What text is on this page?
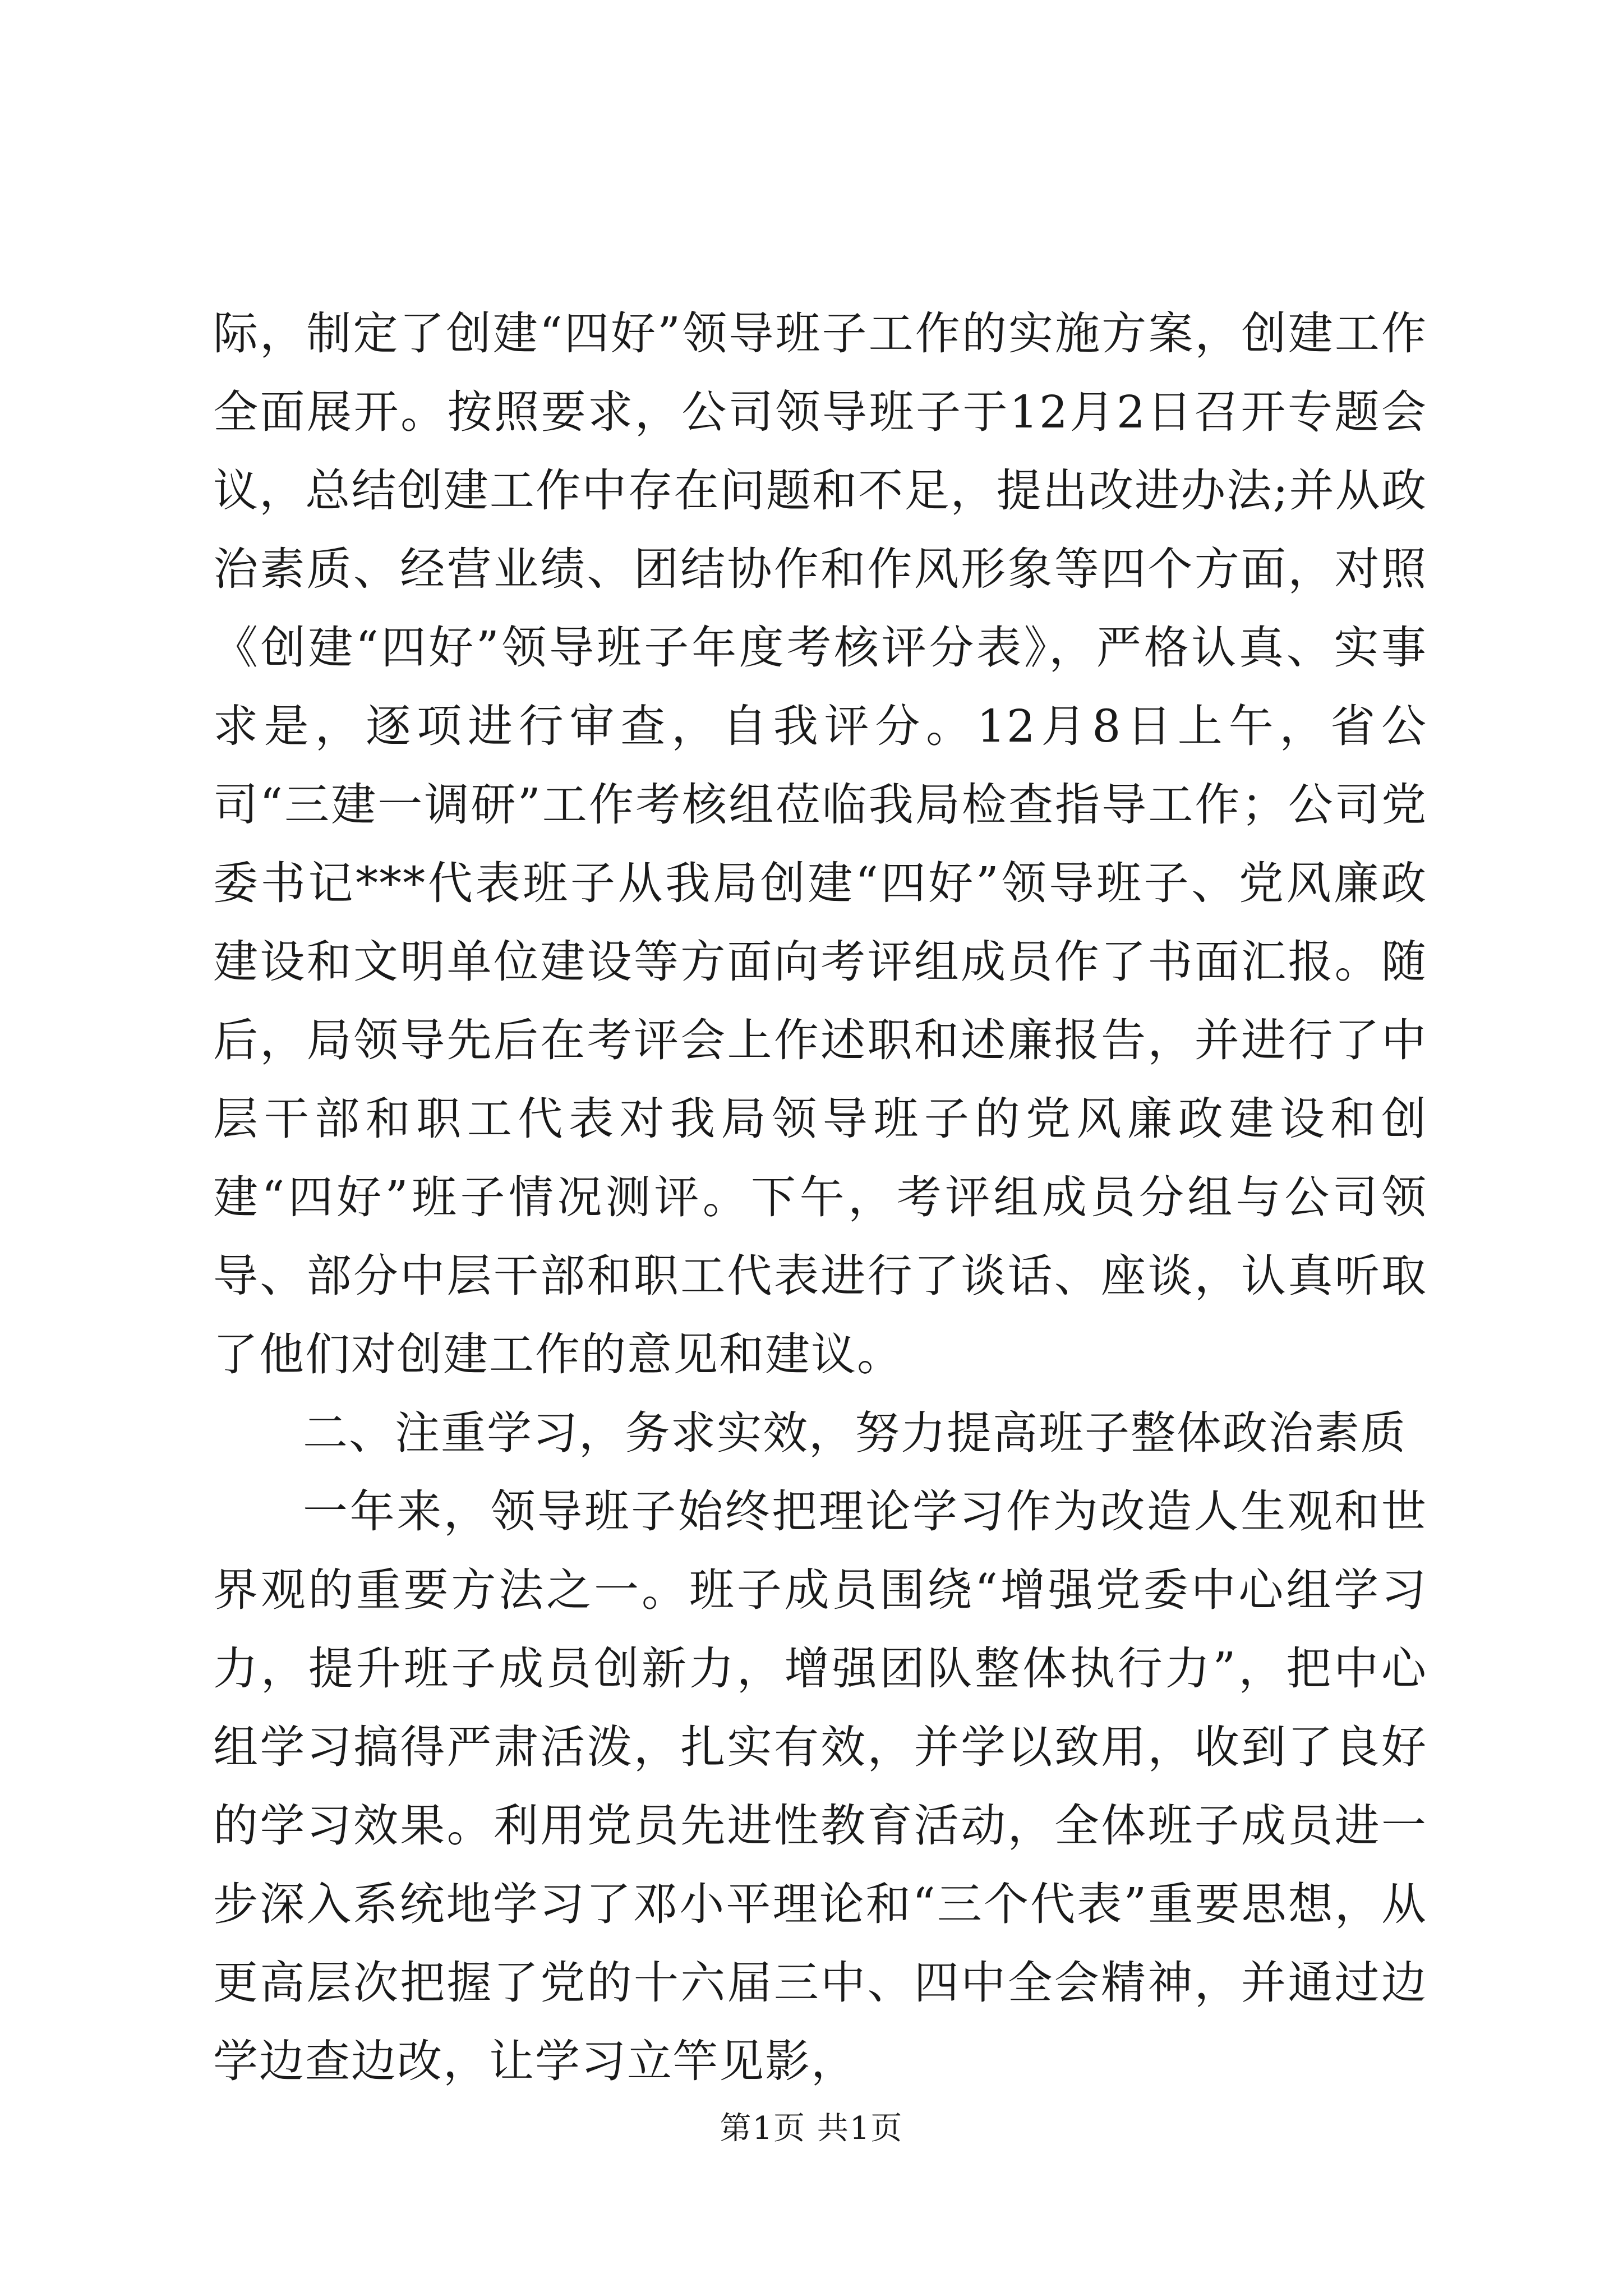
际，制定了创建“四好”领导班子工作的实施方案，创建工作全面展开。按照要求，公司领导班子于12月2日召开专题会议，总结创建工作中存在问题和不足，提出改进办法;并从政治素质、经营业绩、团结协作和作风形象等四个方面，对照《创建“四好”领导班子年度考核评分表》，严格认真、实事求是，逐项进行审查，自我评分。12月8日上午，省公司“三建一调研”工作考核组莅临我局检查指导工作；公司党委书记***代表班子从我局创建“四好”领导班子、党风廉政建设和文明单位建设等方面向考评组成员作了书面汇报。随后，局领导先后在考评会上作述职和述廉报告，并进行了中层干部和职工代表对我局领导班子的党风廉政建设和创建“四好”班子情况测评。下午，考评组成员分组与公司领导、部分中层干部和职工代表进行了谈话、座谈，认真听取了他们对创建工作的意见和建议。

二、注重学习，务求实效，努力提高班子整体政治素质

一年来，领导班子始终把理论学习作为改造人生观和世界观的重要方法之一。班子成员围绕“增强党委中心组学习力，提升班子成员创新力，增强团队整体执行力”，把中心组学习搞得严肃活泼，扎实有效，并学以致用，收到了良好的学习效果。利用党员先进性教育活动，全体班子成员进一步深入系统地学习了邓小平理论和“三个代表”重要思想，从更高层次把握了党的十六届三中、四中全会精神，并通过边学边查边改，让学习立竿见影，

第1页 共1页
